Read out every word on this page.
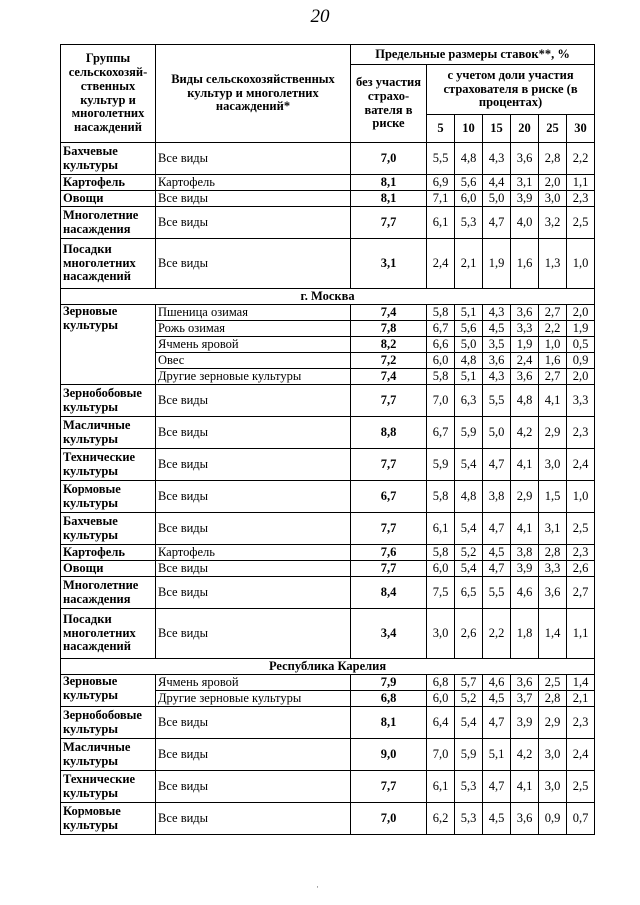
20
Группы сельскохозяй-ственных культур и многолетних насаждений	Виды сельскохозяйственных культур и многолетних насаждений*	Предельные размеры ставок**, %						
		без участия страхо-вателя в риске	с учетом доли участия страхователя в риске (в процентах)					
			5	10	15	20	25	30
Бахчевые культуры	Все виды	7,0	5,5	4,8	4,3	3,6	2,8	2,2
Картофель	Картофель	8,1	6,9	5,6	4,4	3,1	2,0	1,1
Овощи	Все виды	8,1	7,1	6,0	5,0	3,9	3,0	2,3
Многолетние насаждения	Все виды	7,7	6,1	5,3	4,7	4,0	3,2	2,5
Посадки многолетних насаждений	Все виды	3,1	2,4	2,1	1,9	1,6	1,3	1,0
г. Москва								
Зерновые культуры	Пшеница озимая	7,4	5,8	5,1	4,3	3,6	2,7	2,0
	Рожь озимая	7,8	6,7	5,6	4,5	3,3	2,2	1,9
	Ячмень яровой	8,2	6,6	5,0	3,5	1,9	1,0	0,5
	Овес	7,2	6,0	4,8	3,6	2,4	1,6	0,9
	Другие зерновые культуры	7,4	5,8	5,1	4,3	3,6	2,7	2,0
Зернобобовые культуры	Все виды	7,7	7,0	6,3	5,5	4,8	4,1	3,3
Масличные культуры	Все виды	8,8	6,7	5,9	5,0	4,2	2,9	2,3
Технические культуры	Все виды	7,7	5,9	5,4	4,7	4,1	3,0	2,4
Кормовые культуры	Все виды	6,7	5,8	4,8	3,8	2,9	1,5	1,0
Бахчевые культуры	Все виды	7,7	6,1	5,4	4,7	4,1	3,1	2,5
Картофель	Картофель	7,6	5,8	5,2	4,5	3,8	2,8	2,3
Овощи	Все виды	7,7	6,0	5,4	4,7	3,9	3,3	2,6
Многолетние насаждения	Все виды	8,4	7,5	6,5	5,5	4,6	3,6	2,7
Посадки многолетних насаждений	Все виды	3,4	3,0	2,6	2,2	1,8	1,4	1,1
Республика Карелия								
Зерновые культуры	Ячмень яровой	7,9	6,8	5,7	4,6	3,6	2,5	1,4
	Другие зерновые культуры	6,8	6,0	5,2	4,5	3,7	2,8	2,1
Зернобобовые культуры	Все виды	8,1	6,4	5,4	4,7	3,9	2,9	2,3
Масличные культуры	Все виды	9,0	7,0	5,9	5,1	4,2	3,0	2,4
Технические культуры	Все виды	7,7	6,1	5,3	4,7	4,1	3,0	2,5
Кормовые культуры	Все виды	7,0	6,2	5,3	4,5	3,6	0,9	0,7
·
